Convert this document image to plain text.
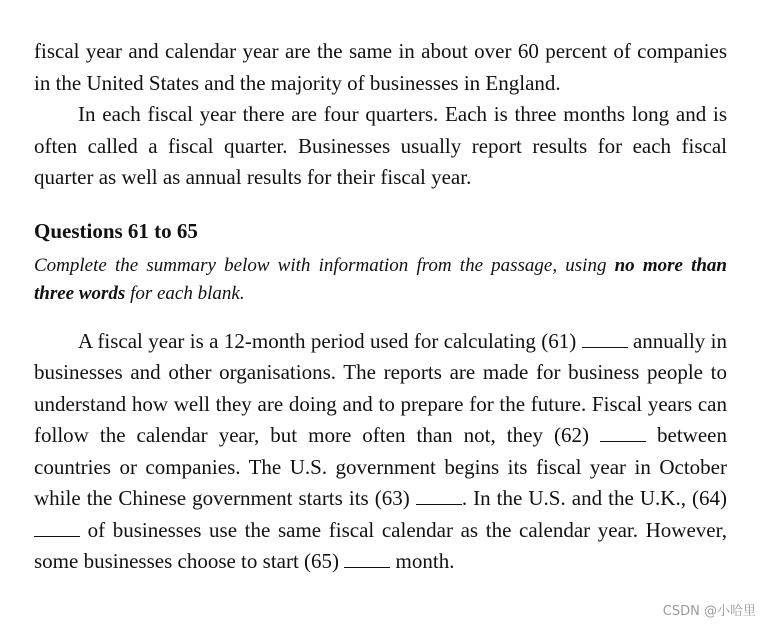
fiscal year and calendar year are the same in about over 60 percent of companies in the United States and the majority of businesses in England.

In each fiscal year there are four quarters. Each is three months long and is often called a fiscal quarter. Businesses usually report results for each fiscal quarter as well as annual results for their fiscal year.

Questions 61 to 65

Complete the summary below with information from the passage, using no more than three words for each blank.

A fiscal year is a 12-month period used for calculating (61)  annually in businesses and other organisations. The reports are made for business people to understand how well they are doing and to prepare for the future. Fiscal years can follow the calendar year, but more often than not, they (62)  between countries or companies. The U.S. government begins its fiscal year in October while the Chinese government starts its (63) . In the U.S. and the U.K., (64)  of businesses use the same fiscal calendar as the calendar year. However, some businesses choose to start (65)  month.

CSDN @小哈里
